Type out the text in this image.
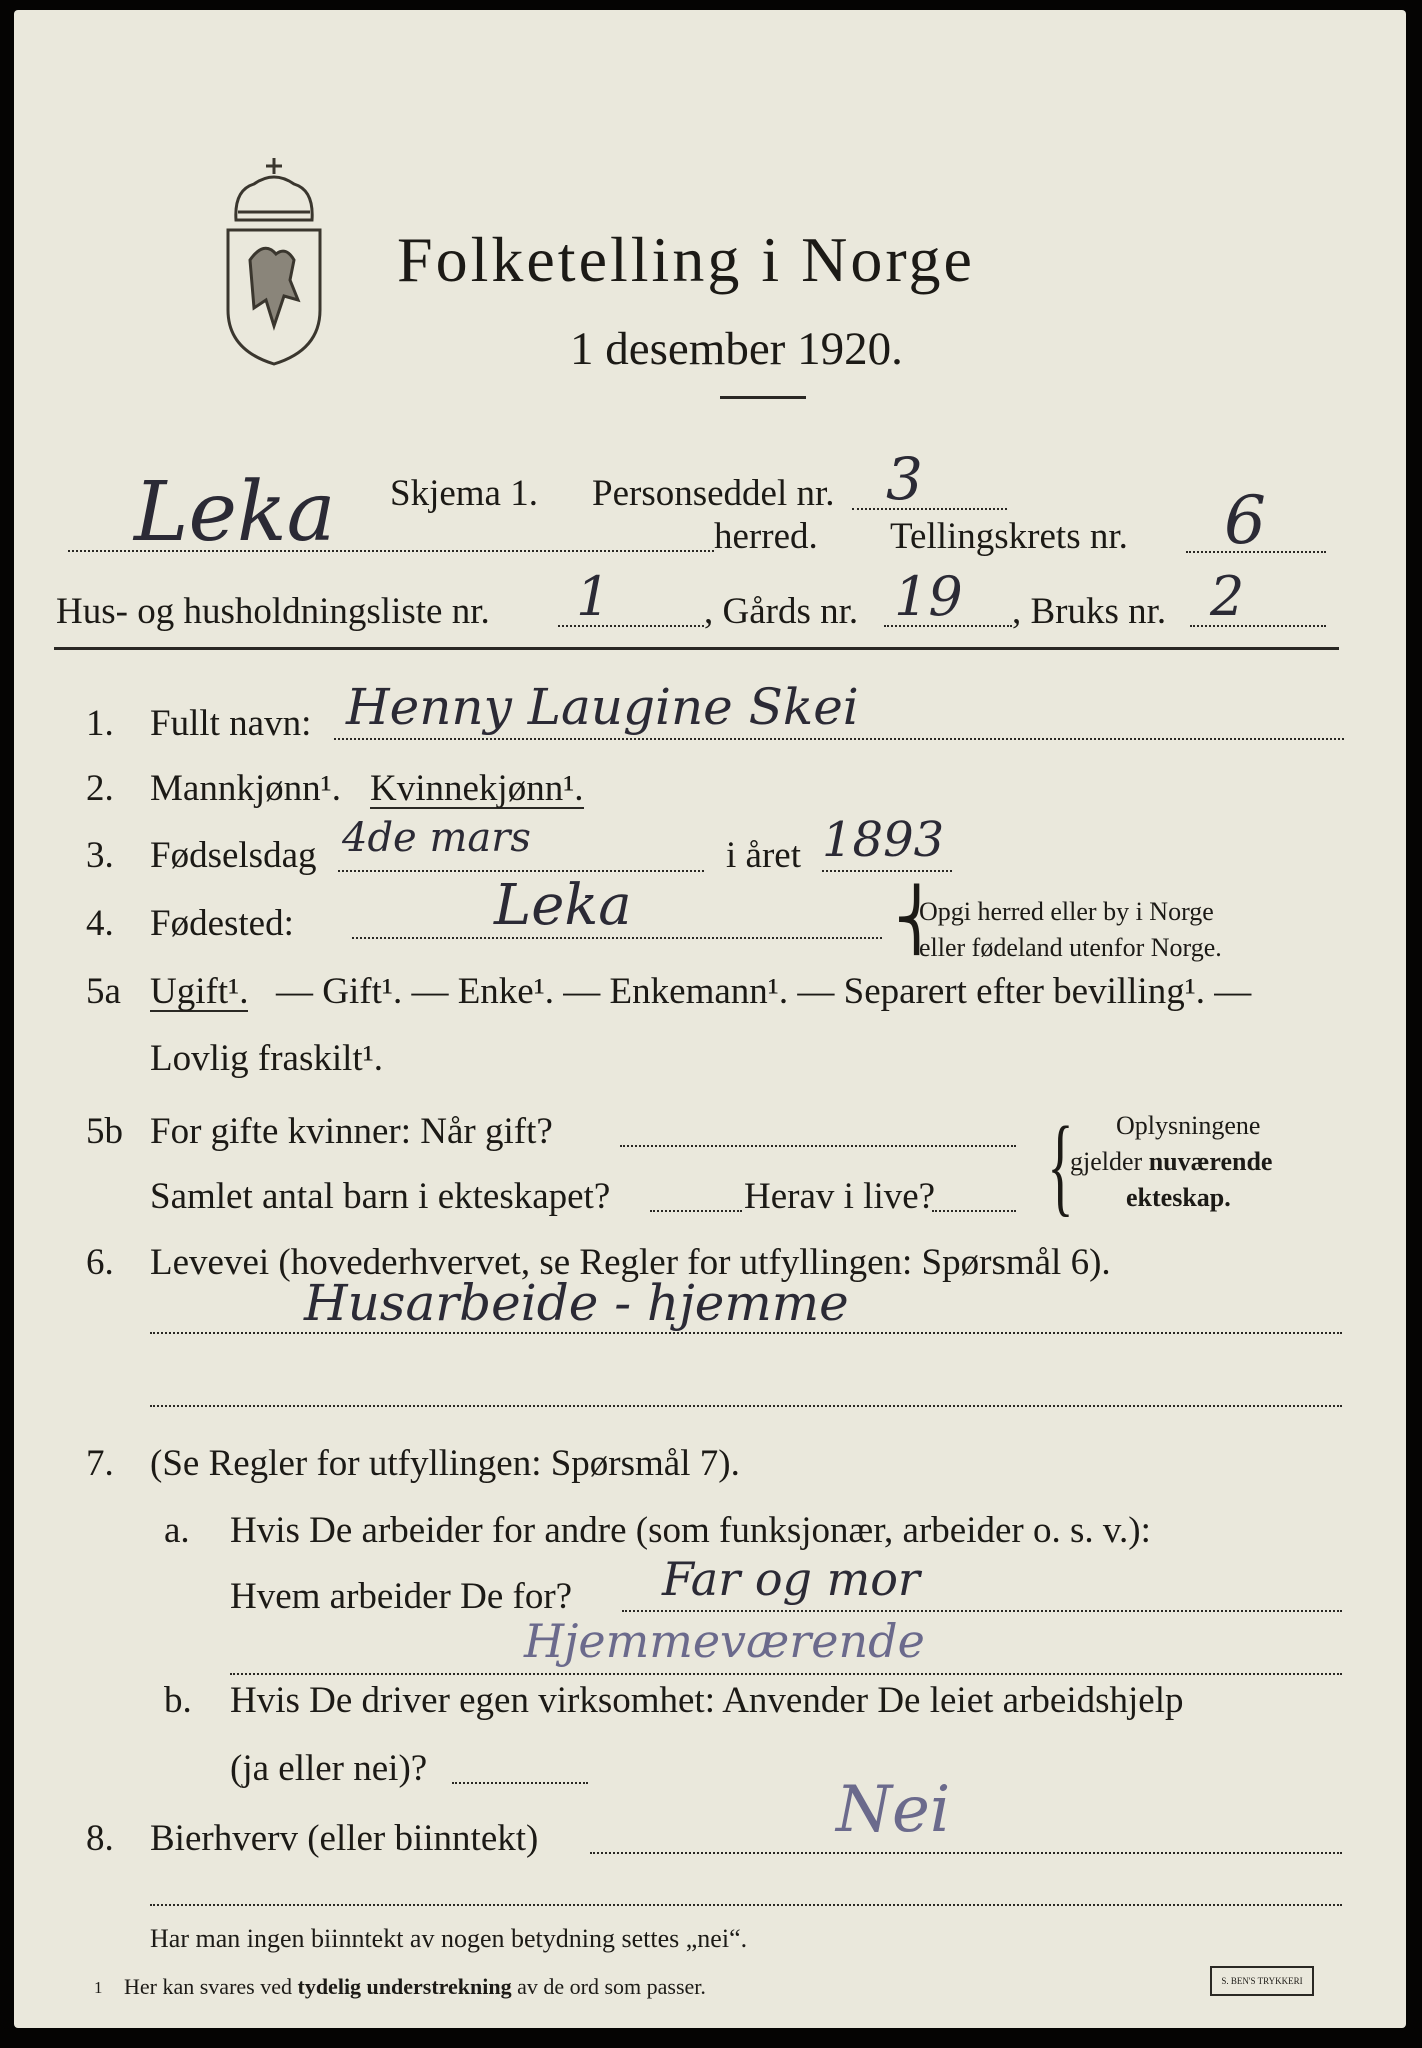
Folketelling i Norge
1 desember 1920.
Leka Skjema 1. Personseddel nr. 3
herred. Tellingskrets nr. 6
Hus- og husholdningsliste nr. 1	, Gårds nr. 19 , Bruks nr. 2
1. Fullt navn: Henny Laugine Skei
2. Mannkjønn¹. Kvinnekjønn¹.
3. Fødselsdag 4de mars	i året 1893
4. Fødested:	Leka	⎨
Opgi herred eller by i Norge
eller fødeland utenfor Norge.
5a Ugift¹. — Gift¹. — Enke¹. — Enkemann¹. — Separert efter bevilling¹. —
Lovlig fraskilt¹.
5b For gifte kvinner: Når gift?
Samlet antal barn i ekteskapet?	Herav i live? { Oplysningene
gjelder nuværende
ekteskap.
6. Levevei (hovederhvervet, se Regler for utfyllingen: Spørsmål 6).
Husarbeide - hjemme
7. (Se Regler for utfyllingen: Spørsmål 7).
a. Hvis De arbeider for andre (som funksjonær, arbeider o. s. v.):
Hvem arbeider De for? Far og mor
Hjemmeværende
b. Hvis De driver egen virksomhet: Anvender De leiet arbeidshjelp
(ja eller nei)?
8. Bierhverv (eller biinntekt)	Nei
Har man ingen biinntekt av nogen betydning settes „nei“.
1 Her kan svares ved tydelig understrekning av de ord som passer.	S. BEN'S TRYKKERI
